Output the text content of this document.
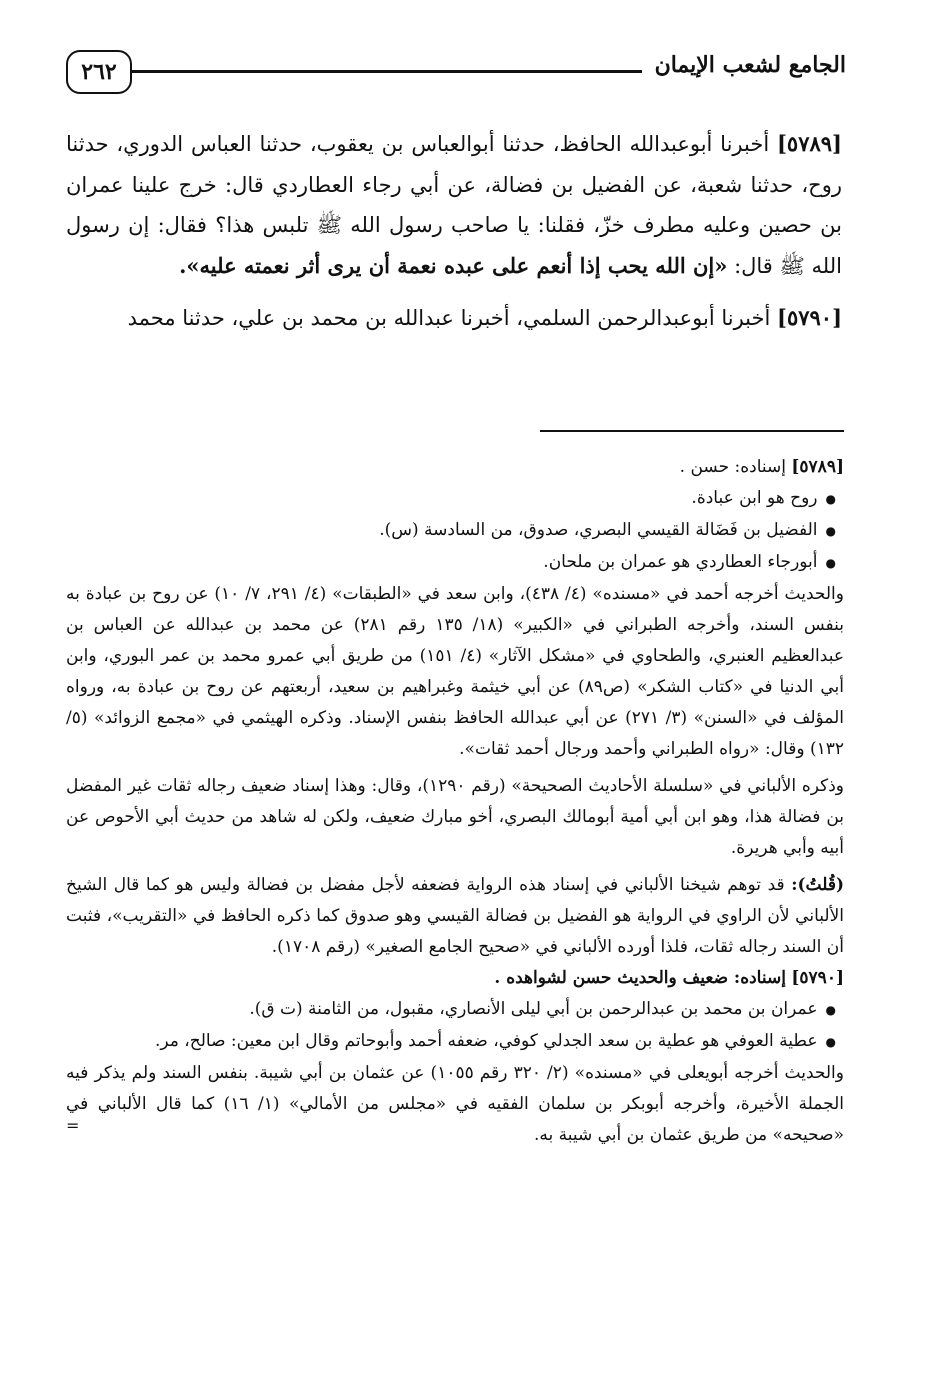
٢٦٢	الجامع لشعب الإيمان

[٥٧٨٩] أخبرنا أبوعبدالله الحافظ، حدثنا أبوالعباس بن يعقوب، حدثنا العباس الدوري، حدثنا روح، حدثنا شعبة، عن الفضيل بن فضالة، عن أبي رجاء العطاردي قال: خرج علينا عمران بن حصين وعليه مطرف خزّ، فقلنا: يا صاحب رسول الله ﷺ تلبس هذا؟ فقال: إن رسول الله ﷺ قال: «إن الله يحب إذا أنعم على عبده نعمة أن يرى أثر نعمته عليه».

[٥٧٩٠] أخبرنا أبوعبدالرحمن السلمي، أخبرنا عبدالله بن محمد بن علي، حدثنا محمد

[٥٧٨٩] إسناده: حسن .

● روح هو ابن عبادة.

● الفضيل بن فَضَالة القيسي البصري، صدوق، من السادسة (س).

● أبورجاء العطاردي هو عمران بن ملحان.

والحديث أخرجه أحمد في «مسنده» (٤/ ٤٣٨)، وابن سعد في «الطبقات» (٤/ ٢٩١، ٧/ ١٠) عن روح بن عبادة به بنفس السند، وأخرجه الطبراني في «الكبير» (١٨/ ١٣٥ رقم ٢٨١) عن محمد بن عبدالله عن العباس بن عبدالعظيم العنبري، والطحاوي في «مشكل الآثار» (٤/ ١٥١) من طريق أبي عمرو محمد بن عمر البوري، وابن أبي الدنيا في «كتاب الشكر» (ص٨٩) عن أبي خيثمة وغبراهيم بن سعيد، أربعتهم عن روح بن عبادة به، ورواه المؤلف في «السنن» (٣/ ٢٧١) عن أبي عبدالله الحافظ بنفس الإسناد. وذكره الهيثمي في «مجمع الزوائد» (٥/ ١٣٢) وقال: «رواه الطبراني وأحمد ورجال أحمد ثقات».

وذكره الألباني في «سلسلة الأحاديث الصحيحة» (رقم ١٢٩٠)، وقال: وهذا إسناد ضعيف رجاله ثقات غير المفضل بن فضالة هذا، وهو ابن أبي أمية أبومالك البصري، أخو مبارك ضعيف، ولكن له شاهد من حديث أبي الأحوص عن أبيه وأبي هريرة.

(قُلتُ): قد توهم شيخنا الألباني في إسناد هذه الرواية فضعفه لأجل مفضل بن فضالة وليس هو كما قال الشيخ الألباني لأن الراوي في الرواية هو الفضيل بن فضالة القيسي وهو صدوق كما ذكره الحافظ في «التقريب»، فثبت أن السند رجاله ثقات، فلذا أورده الألباني في «صحيح الجامع الصغير» (رقم ١٧٠٨).

[٥٧٩٠] إسناده: ضعيف والحديث حسن لشواهده .

● عمران بن محمد بن عبدالرحمن بن أبي ليلى الأنصاري، مقبول، من الثامنة (ت ق).

● عطية العوفي هو عطية بن سعد الجدلي كوفي، ضعفه أحمد وأبوحاتم وقال ابن معين: صالح، مر.

والحديث أخرجه أبويعلى في «مسنده» (٢/ ٣٢٠ رقم ١٠٥٥) عن عثمان بن أبي شيبة. بنفس السند ولم يذكر فيه الجملة الأخيرة، وأخرجه أبوبكر بن سلمان الفقيه في «مجلس من الأمالي» (١/ ١٦) كما قال الألباني في «صحيحه» من طريق عثمان بن أبي شيبة به.

=
